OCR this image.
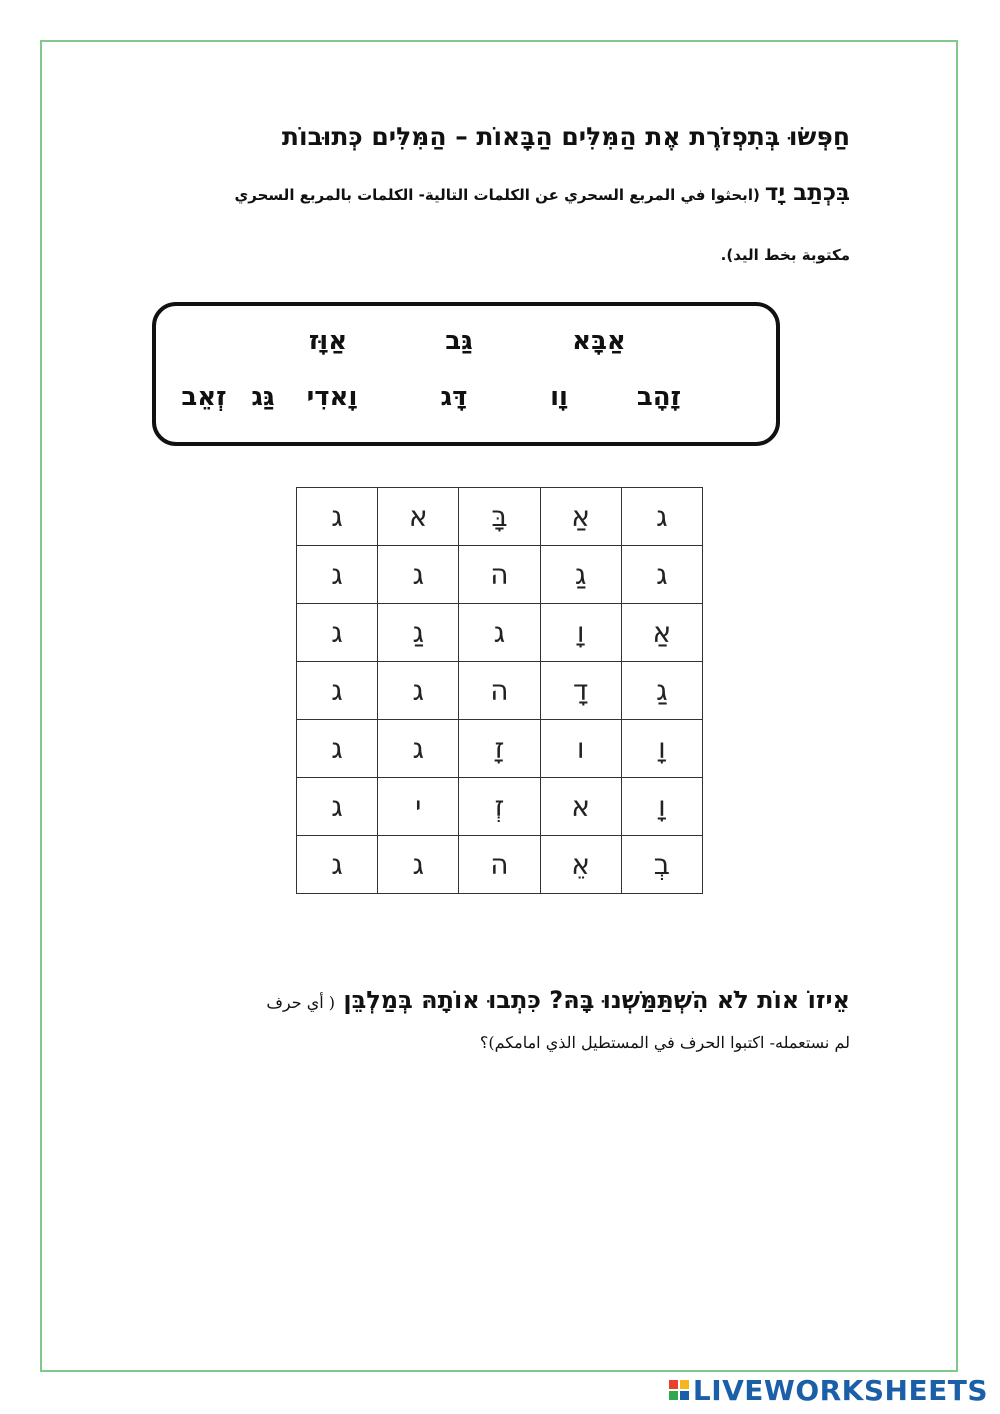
חַפְּשׂוּ בְּתִפְזֹרֶת אֶת הַמִּלִּים הַבָּאוֹת – הַמִּלִּים כְּתוּבוֹת
בִּכְתַב יָד (ابحثوا في المربع السحري عن الكلمات التالية- الكلمات بالمربع السحري
مكتوبة بخط اليد).
אַבָּא
גַּב
אַוָּז
זָהָב
וָו
דָּג
וָאדִי
גַּג
זְאֵב
ג	א	בָּ	אַ	ג
ג	ג	ה	גַ	ג
ג	גַ	ג	וָ	אַ
ג	ג	ה	דָ	גַ
ג	ג	זָ	ו	וָ
ג	י	זְ	א	וָ
ג	ג	ה	אֵ	בְ
אֵיזוֹ אוֹת לֹא הִשְׁתַּמַּשְׁנוּ בָּהּ? כִּתְבוּ אוֹתָהּ בְּמַלְבֵּן ( أي حرف
لم نستعمله- اكتبوا الحرف في المستطيل الذي امامكم)؟
LIVEWORKSHEETS
